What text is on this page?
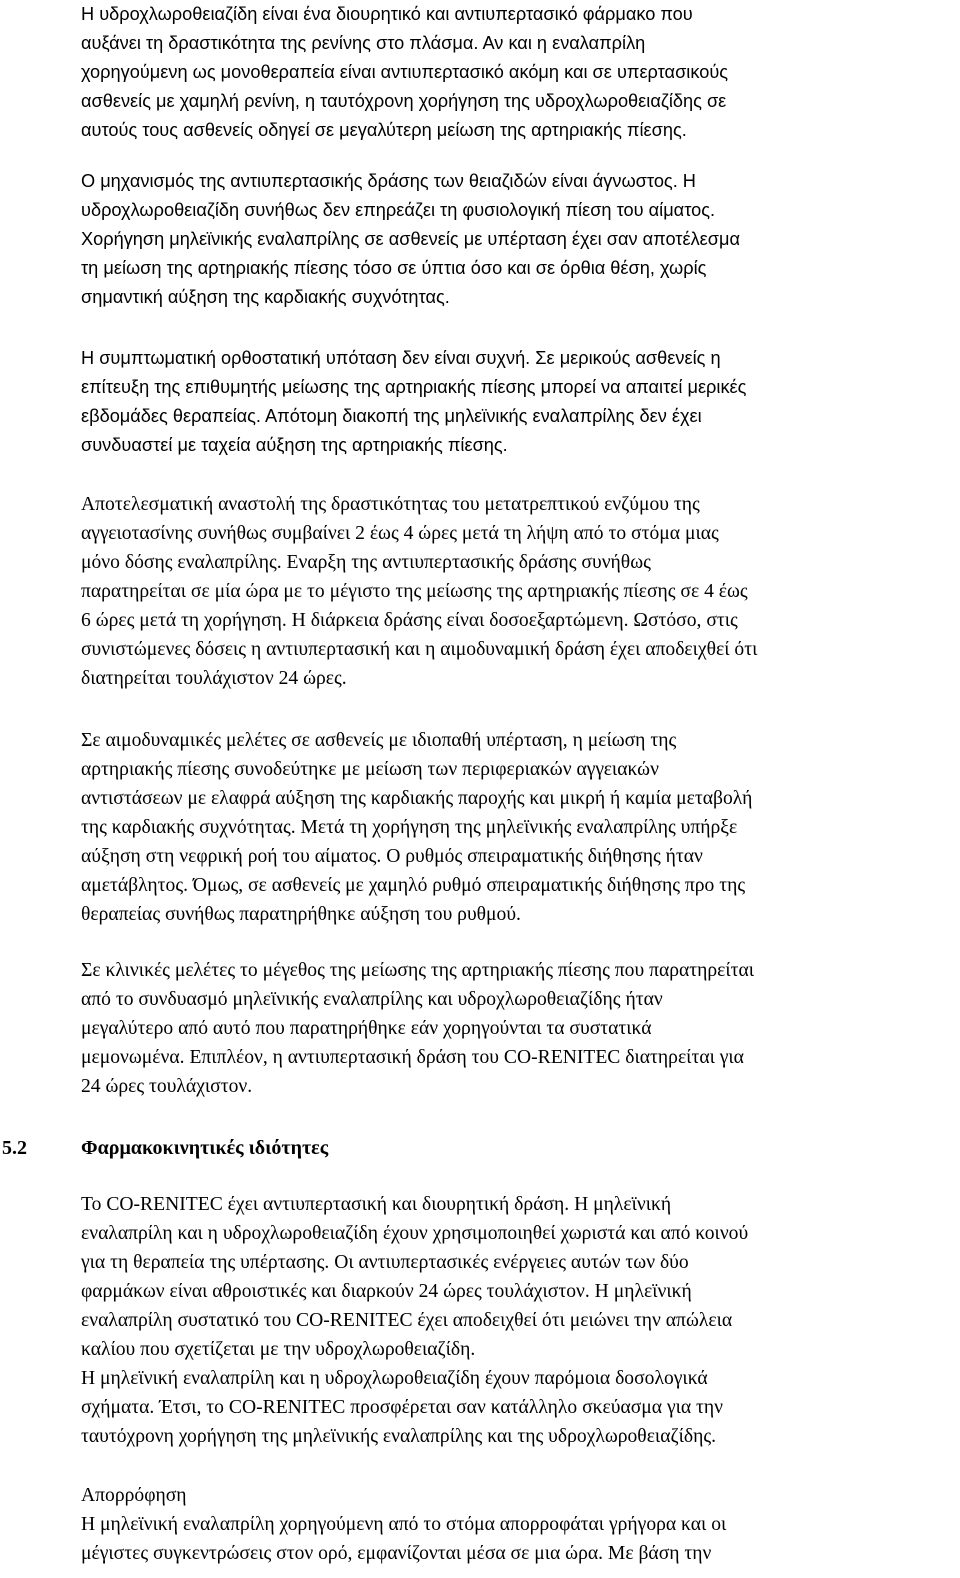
Η υδροχλωροθειαζίδη είναι ένα διουρητικό και αντιυπερτασικό φάρμακο που
αυξάνει τη δραστικότητα της ρενίνης στο πλάσμα. Αν και η εναλαπρίλη
χορηγούμενη ως μονοθεραπεία είναι αντιυπερτασικό ακόμη και σε υπερτασικούς
ασθενείς με χαμηλή ρενίνη, η ταυτόχρονη χορήγηση της υδροχλωροθειαζίδης σε
αυτούς τους ασθενείς οδηγεί σε μεγαλύτερη μείωση της αρτηριακής πίεσης.
Ο μηχανισμός της αντιυπερτασικής δράσης των θειαζιδών είναι άγνωστος. Η
υδροχλωροθειαζίδη συνήθως δεν επηρεάζει τη φυσιολογική πίεση του αίματος.
Χορήγηση μηλεϊνικής εναλαπρίλης σε ασθενείς με υπέρταση έχει σαν αποτέλεσμα
τη μείωση της αρτηριακής πίεσης τόσο σε ύπτια όσο και σε όρθια θέση, χωρίς
σημαντική αύξηση της καρδιακής συχνότητας.
Η συμπτωματική ορθοστατική υπόταση δεν είναι συχνή. Σε μερικούς ασθενείς η
επίτευξη της επιθυμητής μείωσης της αρτηριακής πίεσης μπορεί να απαιτεί μερικές
εβδομάδες θεραπείας. Απότομη διακοπή της μηλεϊνικής εναλαπρίλης δεν έχει
συνδυαστεί με ταχεία αύξηση της αρτηριακής πίεσης.
Αποτελεσματική αναστολή της δραστικότητας του μετατρεπτικού ενζύμου της
αγγειοτασίνης συνήθως συμβαίνει 2 έως 4 ώρες μετά τη λήψη από το στόμα μιας
μόνο δόσης εναλαπρίλης. Εναρξη της αντιυπερτασικής δράσης συνήθως
παρατηρείται σε μία ώρα με το μέγιστο της μείωσης της αρτηριακής πίεσης σε 4 έως
6 ώρες μετά τη χορήγηση. Η διάρκεια δράσης είναι δοσοεξαρτώμενη. Ωστόσο, στις
συνιστώμενες δόσεις η αντιυπερτασική και η αιμοδυναμική δράση έχει αποδειχθεί ότι
διατηρείται τουλάχιστον 24 ώρες.
Σε αιμοδυναμικές μελέτες σε ασθενείς με ιδιοπαθή υπέρταση, η μείωση της
αρτηριακής πίεσης συνοδεύτηκε με μείωση των περιφεριακών αγγειακών
αντιστάσεων με ελαφρά αύξηση της καρδιακής παροχής και μικρή ή καμία μεταβολή
της καρδιακής συχνότητας. Μετά τη χορήγηση της μηλεϊνικής εναλαπρίλης υπήρξε
αύξηση στη νεφρική ροή του αίματος. Ο ρυθμός σπειραματικής διήθησης ήταν
αμετάβλητος. Όμως, σε ασθενείς με χαμηλό ρυθμό σπειραματικής διήθησης προ της
θεραπείας συνήθως παρατηρήθηκε αύξηση του ρυθμού.
Σε κλινικές μελέτες το μέγεθος της μείωσης της αρτηριακής πίεσης που παρατηρείται
από το συνδυασμό μηλεϊνικής εναλαπρίλης και υδροχλωροθειαζίδης ήταν
μεγαλύτερο από αυτό που παρατηρήθηκε εάν χορηγούνται τα συστατικά
μεμονωμένα. Επιπλέον, η αντιυπερτασική δράση του CO-RENITEC διατηρείται για
24 ώρες τουλάχιστον.
5.2	Φαρμακοκινητικές ιδιότητες
Το CO-RENITEC έχει αντιυπερτασική και διουρητική δράση. Η μηλεϊνική
εναλαπρίλη και η υδροχλωροθειαζίδη έχουν χρησιμοποιηθεί χωριστά και από κοινού
για τη θεραπεία της υπέρτασης. Οι αντιυπερτασικές ενέργειες αυτών των δύο
φαρμάκων είναι αθροιστικές και διαρκούν 24 ώρες τουλάχιστον. Η μηλεϊνική
εναλαπρίλη συστατικό του CO-RENITEC έχει αποδειχθεί ότι μειώνει την απώλεια
καλίου που σχετίζεται με την υδροχλωροθειαζίδη.
Η μηλεϊνική εναλαπρίλη και η υδροχλωροθειαζίδη έχουν παρόμοια δοσολογικά
σχήματα. Έτσι, το CO-RENITEC προσφέρεται σαν κατάλληλο σκεύασμα για την
ταυτόχρονη χορήγηση της μηλεϊνικής εναλαπρίλης και της υδροχλωροθειαζίδης.
Απορρόφηση
Η μηλεϊνική εναλαπρίλη χορηγούμενη από το στόμα απορροφάται γρήγορα και οι
μέγιστες συγκεντρώσεις στον ορό, εμφανίζονται μέσα σε μια ώρα. Με βάση την
